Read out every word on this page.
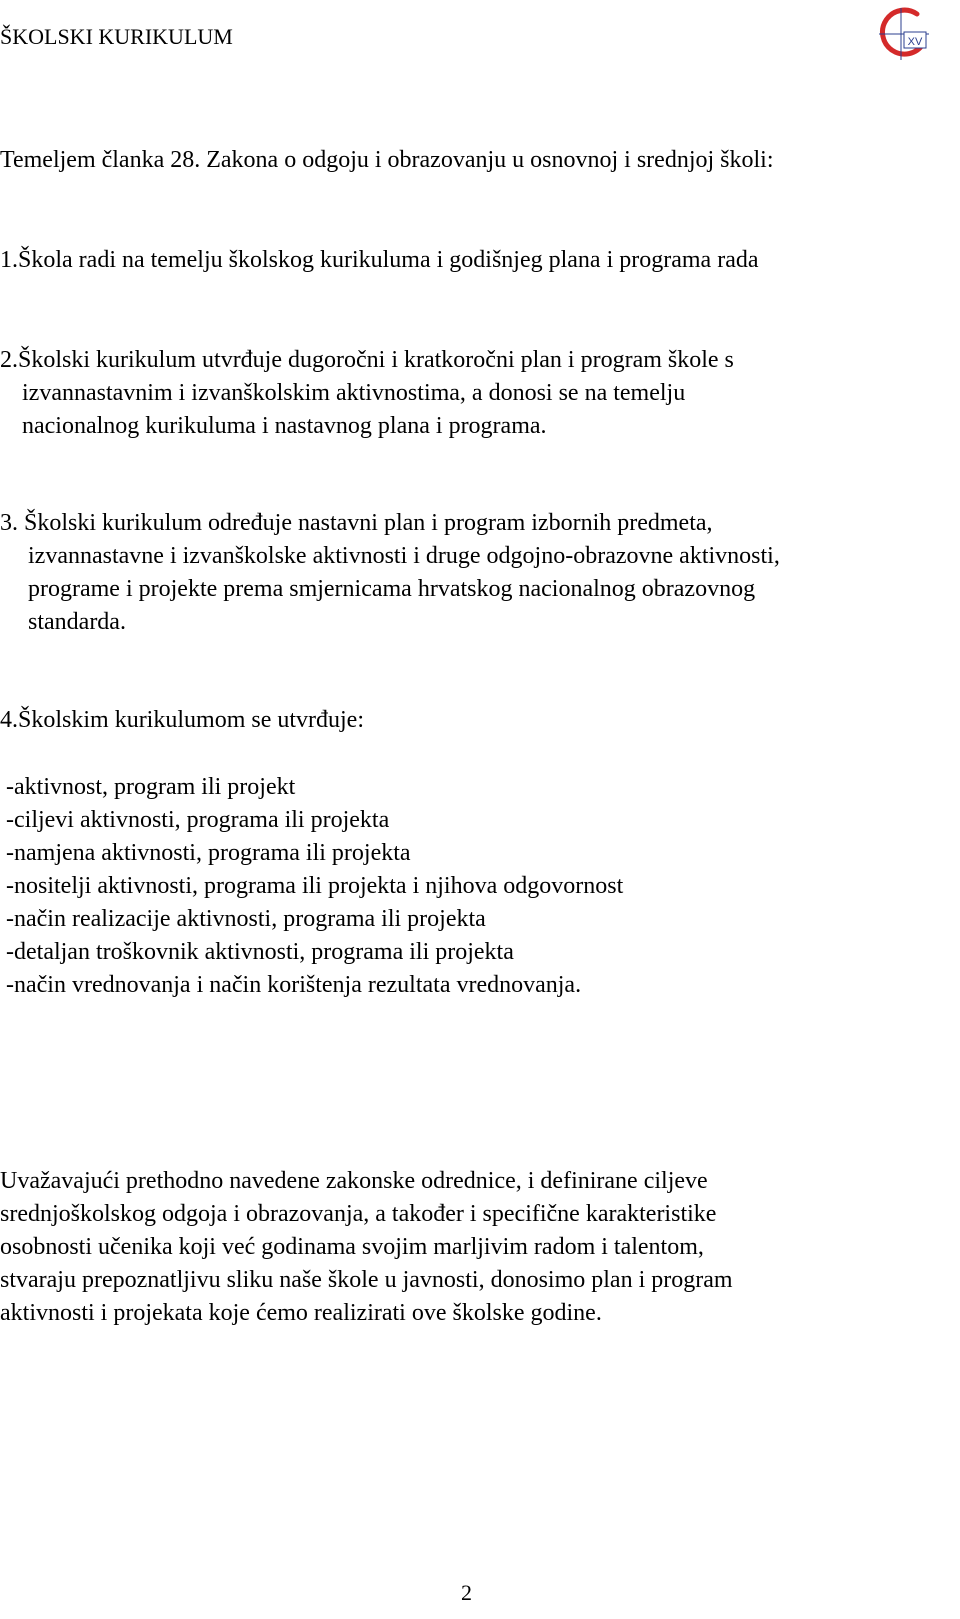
ŠKOLSKI KURIKULUM	XV
Temeljem članka 28. Zakona o odgoju i obrazovanju u osnovnoj i srednjoj školi:
1.Škola radi na temelju školskog kurikuluma i godišnjeg plana i programa rada
2.Školski kurikulum utvrđuje dugoročni i kratkoročni plan i program škole s
izvannastavnim i izvanškolskim aktivnostima, a donosi se na temelju
nacionalnog kurikuluma i nastavnog plana i programa.
3. Školski kurikulum određuje nastavni plan i program izbornih predmeta,
izvannastavne i izvanškolske aktivnosti i druge odgojno-obrazovne aktivnosti,
programe i projekte prema smjernicama hrvatskog nacionalnog obrazovnog
standarda.
4.Školskim kurikulumom se utvrđuje:
-aktivnost, program ili projekt
-ciljevi aktivnosti, programa ili projekta
-namjena aktivnosti, programa ili projekta
-nositelji aktivnosti, programa ili projekta i njihova odgovornost
-način realizacije aktivnosti, programa ili projekta
-detaljan troškovnik aktivnosti, programa ili projekta
-način vrednovanja i način korištenja rezultata vrednovanja.
Uvažavajući prethodno navedene zakonske odrednice, i definirane ciljeve
srednjoškolskog odgoja i obrazovanja, a također i specifične karakteristike
osobnosti učenika koji već godinama svojim marljivim radom i talentom,
stvaraju prepoznatljivu sliku naše škole u javnosti, donosimo plan i program
aktivnosti i projekata koje ćemo realizirati ove školske godine.
2
